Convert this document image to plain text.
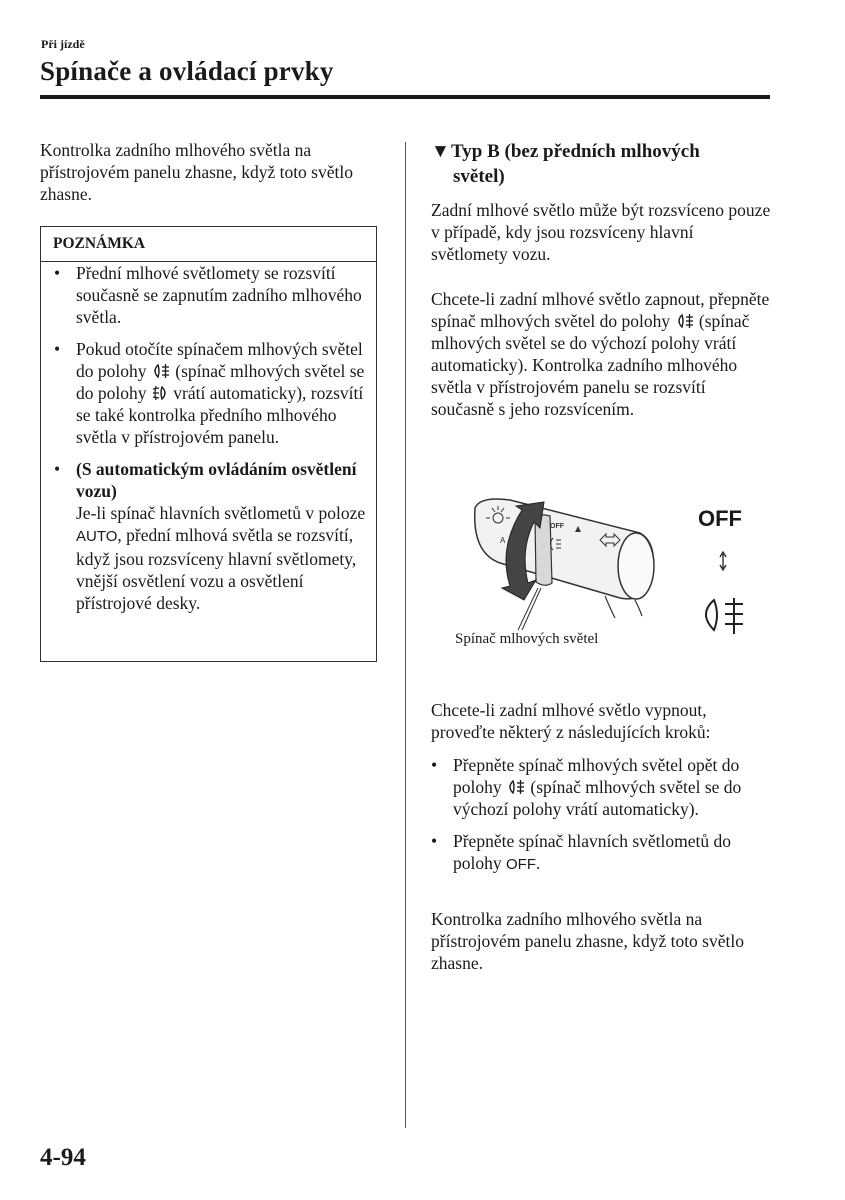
Při jízdě
Spínače a ovládací prvky

Kontrolka zadního mlhového světla na přístrojovém panelu zhasne, když toto světlo zhasne.

POZNÁMKA
• Přední mlhové světlomety se rozsvítí současně se zapnutím zadního mlhového světla.
• Pokud otočíte spínačem mlhových světel do polohy (spínač mlhových světel se do polohy vrátí automaticky), rozsvítí se také kontrolka předního mlhového světla v přístrojovém panelu.
• (S automatickým ovládáním osvětlení vozu)
Je-li spínač hlavních světlometů v poloze AUTO, přední mlhová světla se rozsvítí, když jsou rozsvíceny hlavní světlomety, vnější osvětlení vozu a osvětlení přístrojové desky.
▼Typ B (bez předních mlhových
světel)

Zadní mlhové světlo může být rozsvíceno pouze v případě, kdy jsou rozsvíceny hlavní světlomety vozu.

Chcete-li zadní mlhové světlo zapnout, přepněte spínač mlhových světel do polohy (spínač mlhových světel se do výchozí polohy vrátí automaticky). Kontrolka zadního mlhového světla v přístrojovém panelu se rozsvítí současně s jeho rozsvícením.
A
OFF	OFF
Spínač mlhových světel

Chcete-li zadní mlhové světlo vypnout, proveďte některý z následujících kroků:

• Přepněte spínač mlhových světel opět do polohy (spínač mlhových světel se do výchozí polohy vrátí automaticky).
• Přepněte spínač hlavních světlometů do polohy OFF.

Kontrolka zadního mlhového světla na přístrojovém panelu zhasne, když toto světlo zhasne.

4-94
